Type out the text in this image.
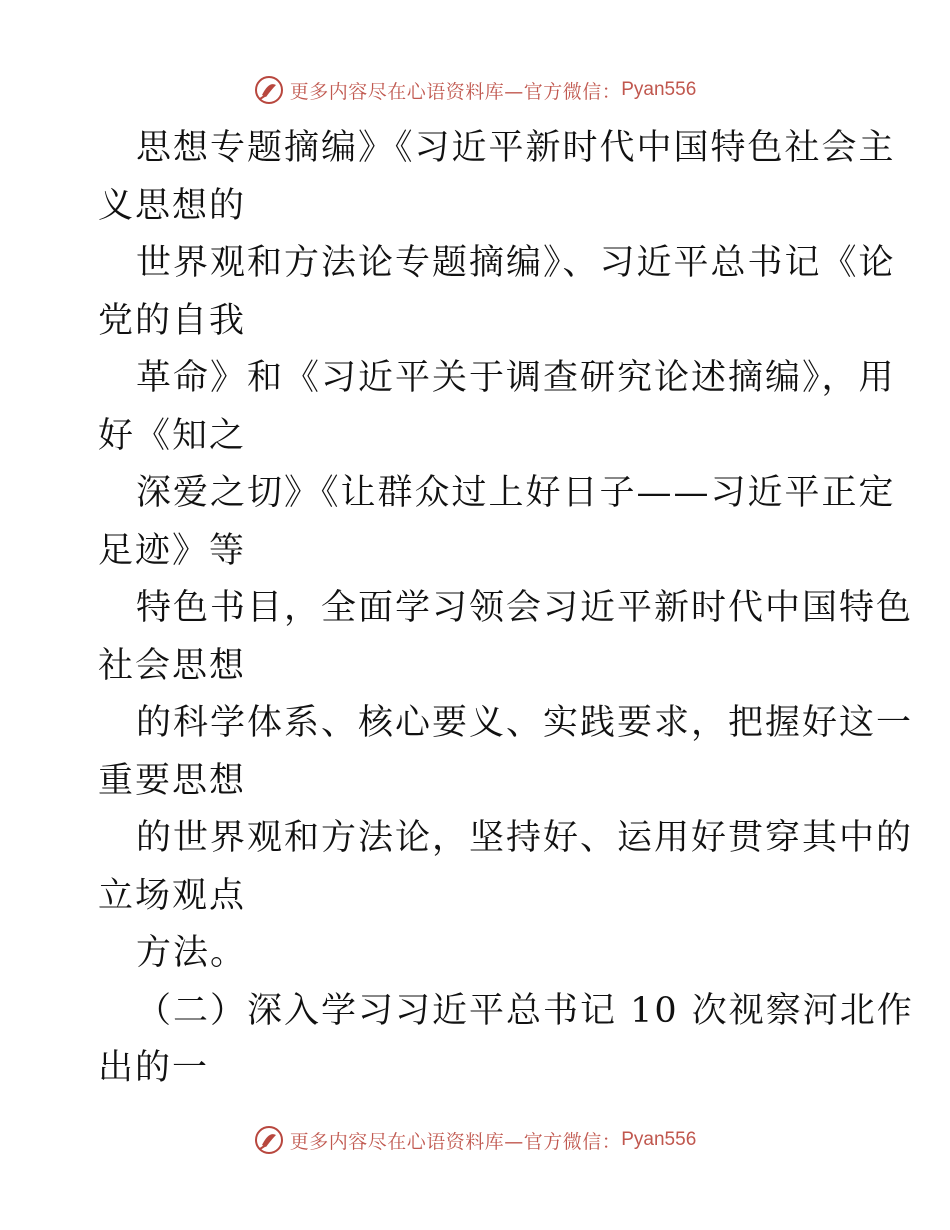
更多内容尽在心语资料库—官方微信： Pyan556
思想专题摘编》《习近平新时代中国特色社会主
义思想的
世界观和方法论专题摘编》、习近平总书记《论
党的自我
革命》和《习近平关于调查研究论述摘编》，用
好《知之
深爱之切》《让群众过上好日子——习近平正定
足迹》等
特色书目，全面学习领会习近平新时代中国特色
社会思想
的科学体系、核心要义、实践要求，把握好这一
重要思想
的世界观和方法论，坚持好、运用好贯穿其中的
立场观点
方法。
（二）深入学习习近平总书记 10 次视察河北作
出的一
更多内容尽在心语资料库—官方微信： Pyan556
